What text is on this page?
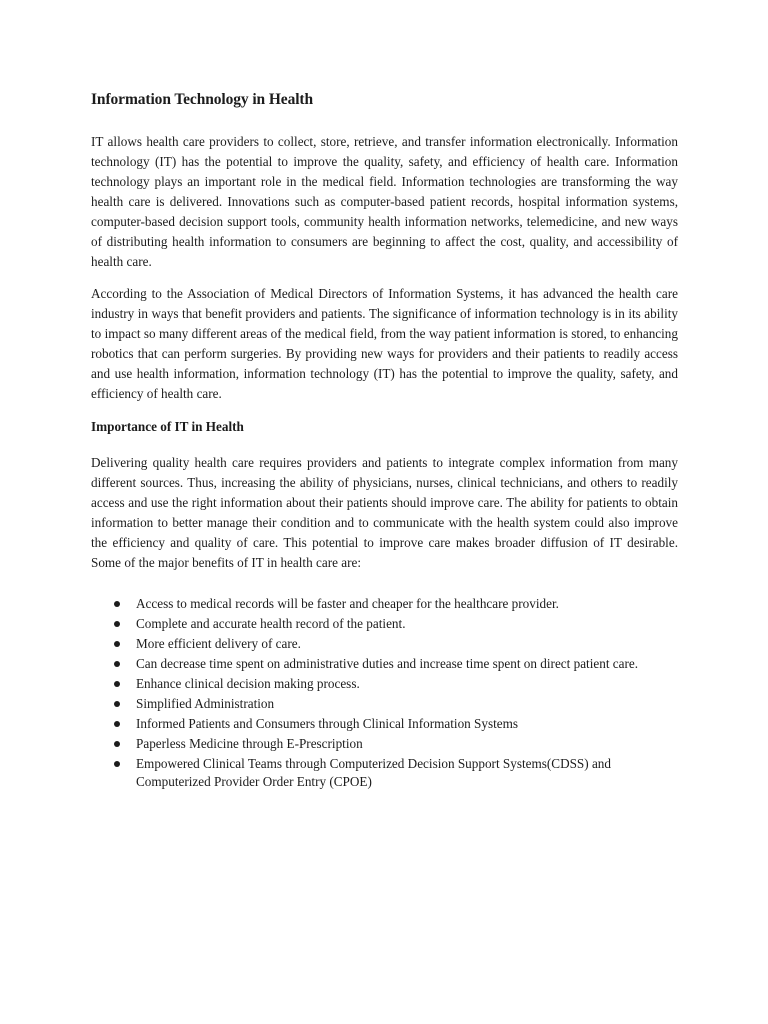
Information Technology in Health

IT allows health care providers to collect, store, retrieve, and transfer information electronically. Information technology (IT) has the potential to improve the quality, safety, and efficiency of health care. Information technology plays an important role in the medical field. Information technologies are transforming the way health care is delivered. Innovations such as computer-based patient records, hospital information systems, computer-based decision support tools, community health information networks, telemedicine, and new ways of distributing health information to consumers are beginning to affect the cost, quality, and accessibility of health care.

According to the Association of Medical Directors of Information Systems, it has advanced the health care industry in ways that benefit providers and patients. The significance of information technology is in its ability to impact so many different areas of the medical field, from the way patient information is stored, to enhancing robotics that can perform surgeries. By providing new ways for providers and their patients to readily access and use health information, information technology (IT) has the potential to improve the quality, safety, and efficiency of health care.

Importance of IT in Health

Delivering quality health care requires providers and patients to integrate complex information from many different sources. Thus, increasing the ability of physicians, nurses, clinical technicians, and others to readily access and use the right information about their patients should improve care. The ability for patients to obtain information to better manage their condition and to communicate with the health system could also improve the efficiency and quality of care. This potential to improve care makes broader diffusion of IT desirable. Some of the major benefits of IT in health care are:

Access to medical records will be faster and cheaper for the healthcare provider.
Complete and accurate health record of the patient.
More efficient delivery of care.
Can decrease time spent on administrative duties and increase time spent on direct patient care.
Enhance clinical decision making process.
Simplified Administration
Informed Patients and Consumers through Clinical Information Systems
Paperless Medicine through E-Prescription
Empowered Clinical Teams through Computerized Decision Support Systems(CDSS) and Computerized Provider Order Entry (CPOE)
